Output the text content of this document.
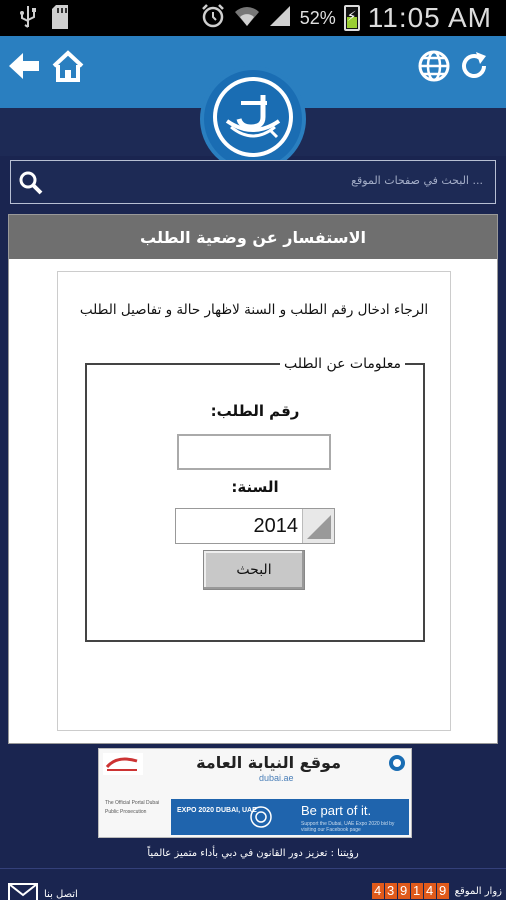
52% ⚡ 11:05 AM
البحث في صفحات الموقع ...
الاستفسار عن وضعية الطلب
الرجاء ادخال رقم الطلب و السنة لاظهار حالة و تفاصيل الطلب
معلومات عن الطلب
رقم الطلب:
السنة:
2014
البحث
موقع النيابة العامة
dubai.ae
The Official Portal Dubai Public Prosecution	EXPO 2020 DUBAI, UAE	Be part of it.
Support the Dubai, UAE Expo 2020 bid by visiting our Facebook page
رؤيتنا : تعزيز دور القانون في دبي بأداء متميز عالمياً
اتصل بنا	زوار الموقع
4 3 9 1 4 9
